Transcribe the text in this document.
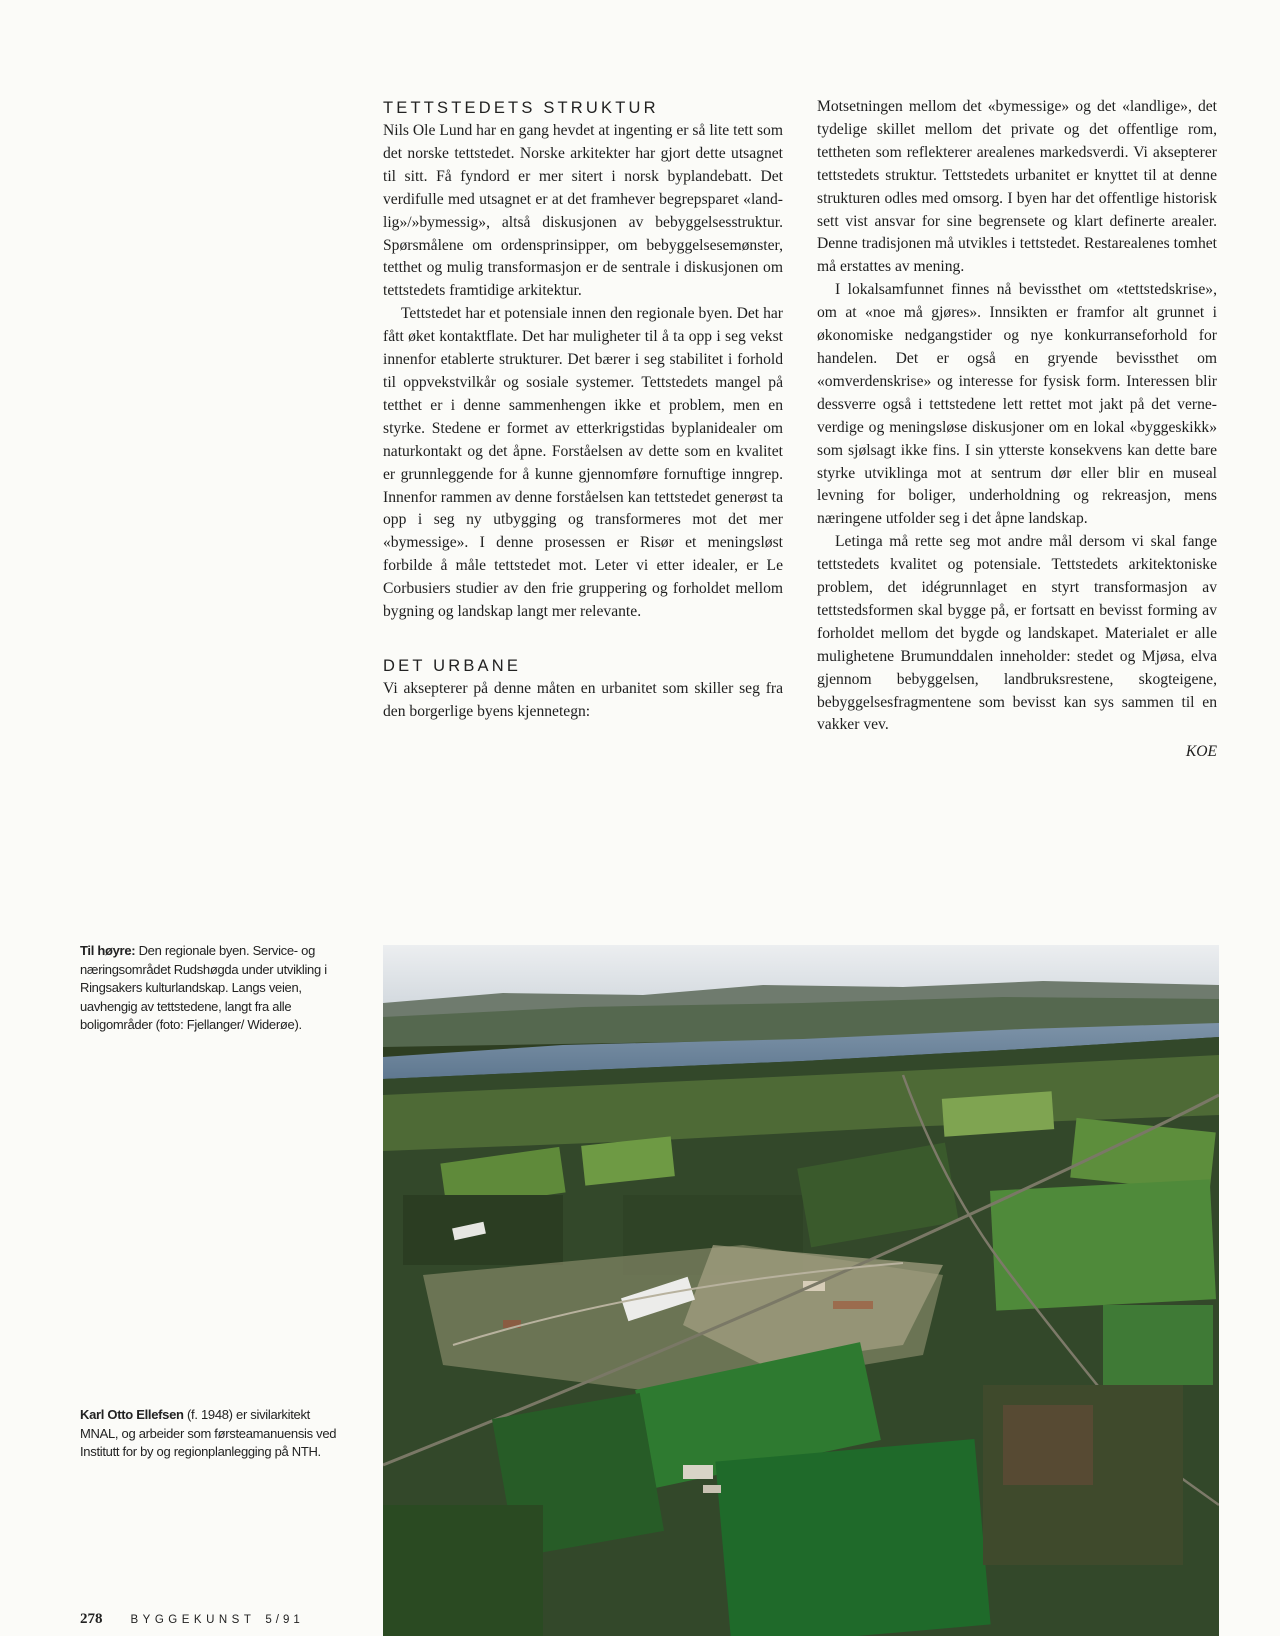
TETTSTEDETS STRUKTUR

Nils Ole Lund har en gang hevdet at ingenting er så lite tett som det norske tettstedet. Norske arkitekter har gjort dette utsagnet til sitt. Få fyndord er mer sitert i norsk byplandebatt. Det verdifulle med utsagnet er at det framhever begrepsparet «landlig»/»bymessig», altså diskusjonen av bebyggelsesstruktur. Spørsmålene om ordensprinsipper, om bebyggelsesemønster, tetthet og mulig transformasjon er de sentrale i diskusjonen om tettstedets framtidige arkitektur.

Tettstedet har et potensiale innen den regionale byen. Det har fått øket kontaktflate. Det har muligheter til å ta opp i seg vekst innenfor etablerte strukturer. Det bærer i seg stabilitet i forhold til oppvekstvilkår og sosiale systemer. Tettstedets mangel på tetthet er i denne sammenhengen ikke et problem, men en styrke. Stedene er formet av etterkrigstidas byplanidealer om naturkontakt og det åpne. Forståelsen av dette som en kvalitet er grunnleggende for å kunne gjennomføre fornuftige inngrep. Innenfor rammen av denne forståelsen kan tettstedet generøst ta opp i seg ny utbygging og transformeres mot det mer «bymessige». I denne prosessen er Risør et meningsløst forbilde å måle tettstedet mot. Leter vi etter idealer, er Le Corbusiers studier av den frie gruppering og forholdet mellom bygning og landskap langt mer relevante.

DET URBANE

Vi aksepterer på denne måten en urbanitet som skiller seg fra den borgerlige byens kjennetegn:

Motsetningen mellom det «bymessige» og det «landlige», det tydelige skillet mellom det private og det offentlige rom, tettheten som reflekterer arealenes markedsverdi. Vi aksepterer tettstedets struktur. Tettstedets urbanitet er knyttet til at denne strukturen odles med omsorg. I byen har det offentlige historisk sett vist ansvar for sine begrensete og klart definerte arealer. Denne tradisjonen må utvikles i tettstedet. Restarealenes tomhet må erstattes av mening.

I lokalsamfunnet finnes nå bevissthet om «tettstedskrise», om at «noe må gjøres». Innsikten er framfor alt grunnet i økonomiske nedgangstider og nye konkurranseforhold for handelen. Det er også en gryende bevissthet om «omverdenskrise» og interesse for fysisk form. Interessen blir dessverre også i tettstedene lett rettet mot jakt på det verneverdige og meningsløse diskusjoner om en lokal «byggeskikk» som sjølsagt ikke fins. I sin ytterste konsekvens kan dette bare styrke utviklinga mot at sentrum dør eller blir en museal levning for boliger, underholdning og rekreasjon, mens næringene utfolder seg i det åpne landskap.

Letinga må rette seg mot andre mål dersom vi skal fange tettstedets kvalitet og potensiale. Tettstedets arkitektoniske problem, det idégrunnlaget en styrt transformasjon av tettstedsformen skal bygge på, er fortsatt en bevisst forming av forholdet mellom det bygde og landskapet. Materialet er alle mulighetene Brumunddalen inneholder: stedet og Mjøsa, elva gjennom bebyggelsen, landbruksrestene, skogteigene, bebyggelsesfragmentene som bevisst kan sys sammen til en vakker vev.

KOE

Til høyre: Den regionale byen. Service- og næringsområdet Rudshøgda under utvikling i Ringsakers kulturlandskap. Langs veien, uavhengig av tettstedene, langt fra alle boligområder (foto: Fjellanger/ Widerøe).
Karl Otto Ellefsen (f. 1948) er sivilarkitekt MNAL, og arbeider som førsteamanuensis ved Institutt for by og regionplanlegging på NTH.
278 BYGGEKUNST 5/91
